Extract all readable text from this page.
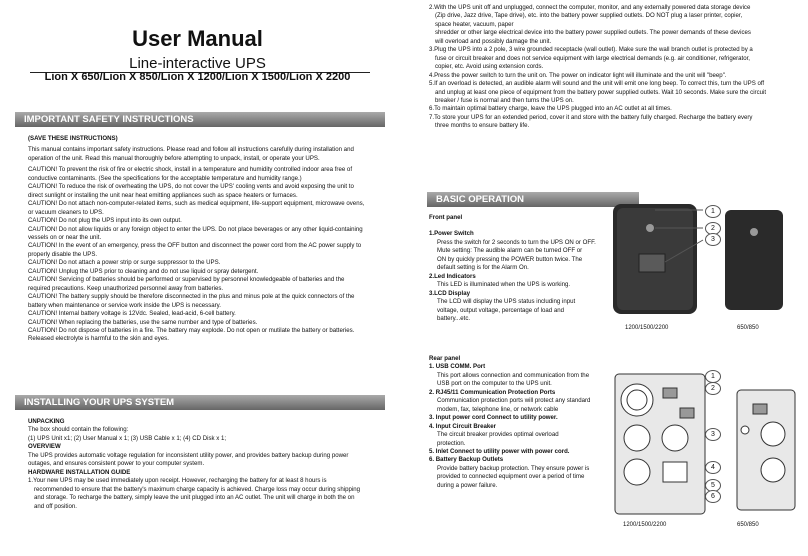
User Manual
Line-interactive UPS
Lion X 650/Lion X 850/Lion X 1200/Lion X 1500/Lion X 2200
IMPORTANT SAFETY INSTRUCTIONS

(SAVE THESE INSTRUCTIONS)

This manual contains important safety instructions. Please read and follow all instructions carefully during installation and

operation of the unit. Read this manual thoroughly before attempting to unpack, install, or operate your UPS.

CAUTION! To prevent the risk of fire or electric shock, install in a temperature and humidity controlled indoor area free of

conductive contaminants. (See the specifications for the acceptable temperature and humidity range.)

CAUTION! To reduce the risk of overheating the UPS, do not cover the UPS' cooling vents and avoid exposing the unit to

direct sunlight or installing the unit near heat emitting appliances such as space heaters or furnaces.

CAUTION! Do not attach non-computer-related items, such as medical equipment, life-support equipment, microwave ovens,

or vacuum cleaners to UPS.

CAUTION! Do not plug the UPS input into its own output.

CAUTION! Do not allow liquids or any foreign object to enter the UPS. Do not place beverages or any other liquid-containing

vessels on or near the unit.

CAUTION! In the event of an emergency, press the OFF button and disconnect the power cord from the AC power supply to

properly disable the UPS.

CAUTION! Do not attach a power strip or surge suppressor to the UPS.

CAUTION! Unplug the UPS prior to cleaning and do not use liquid or spray detergent.

CAUTION! Servicing of batteries should be performed or supervised by personnel knowledgeable of batteries and the

required precautions. Keep unauthorized personnel away from batteries.

CAUTION! The battery supply should be therefore disconnected in the plus and minus pole at the quick connectors of the

battery when maintenance or service work inside the UPS is necessary.

CAUTION! Internal battery voltage is 12Vdc. Sealed, lead-acid, 6-cell battery.

CAUTION! When replacing the batteries, use the same number and type of batteries.

CAUTION! Do not dispose of batteries in a fire. The battery may explode. Do not open or mutilate the battery or batteries.

Released electrolyte is harmful to the skin and eyes.

INSTALLING YOUR UPS SYSTEM

UNPACKING

The box should contain the following:

(1) UPS Unit x1; (2) User Manual x 1; (3) USB Cable x 1; (4) CD Disk x 1;

OVERVIEW

The UPS provides automatic voltage regulation for inconsistent utility power, and provides battery backup during power

outages, and ensures consistent power to your computer system.

HARDWARE INSTALLATION GUIDE

1.Your new UPS may be used immediately upon receipt. However, recharging the battery for at least 8 hours is

recommended to ensure that the battery's maximum charge capacity is achieved. Charge loss may occur during shipping

and storage. To recharge the battery, simply leave the unit plugged into an AC outlet. The unit will charge in both the on

and off position.

2.With the UPS unit off and unplugged, connect the computer, monitor, and any externally powered data storage device

(Zip drive, Jazz drive, Tape drive), etc. into the battery power supplied outlets. DO NOT plug a laser printer, copier,

space heater, vacuum, paper

shredder or other large electrical device into the battery power supplied outlets. The power demands of these devices

will overload and possibly damage the unit.

3.Plug the UPS into a 2 pole, 3 wire grounded receptacle (wall outlet). Make sure the wall branch outlet is protected by a

fuse or circuit breaker and does not service equipment with large electrical demands (e.g. air conditioner, refrigerator,

copier, etc. Avoid using extension cords.

4.Press the power switch to turn the unit on. The power on indicator light will illuminate and the unit will "beep".

5.If an overload is detected, an audible alarm will sound and the unit will emit one long beep. To correct this, turn the UPS off

and unplug at least one piece of equipment from the battery power supplied outlets. Wait 10 seconds. Make sure the circuit

breaker / fuse is normal and then turns the UPS on.

6.To maintain optimal battery charge, leave the UPS plugged into an AC outlet at all times.

7.To store your UPS for an extended period, cover it and store with the battery fully charged. Recharge the battery every

three months to ensure battery life.

BASIC OPERATION

Front panel

1.Power Switch

Press the switch for 2 seconds to turn the UPS ON or OFF.

Mute setting: The audible alarm can be turned OFF or

ON by quickly pressing the POWER button twice. The

default setting is for the Alarm On.

2.Led Indicators

This LED is illuminated when the UPS is working.

3.LCD Display

The LCD will display the UPS status including input

voltage, output voltage, percentage of load and

battery...etc.

1
2
3
1200/1500/2200	650/850

Rear panel

1. USB COMM. Port

This port allows connection and communication from the

USB port on the computer to the UPS unit.

2. RJ45/11 Communication Protection Ports

Communication protection ports will protect any standard

modem, fax, telephone line, or network cable

3. Input power cord Connect to utility power.

4. Input Circuit Breaker

The circuit breaker provides optimal overload

protection.

5. Inlet Connect to utility power with power cord.

6. Battery Backup Outlets

Provide battery backup protection. They ensure power is

provided to connected equipment over a period of time

during a power failure.

1
2
3
4
5
6
1200/1500/2200	650/850
